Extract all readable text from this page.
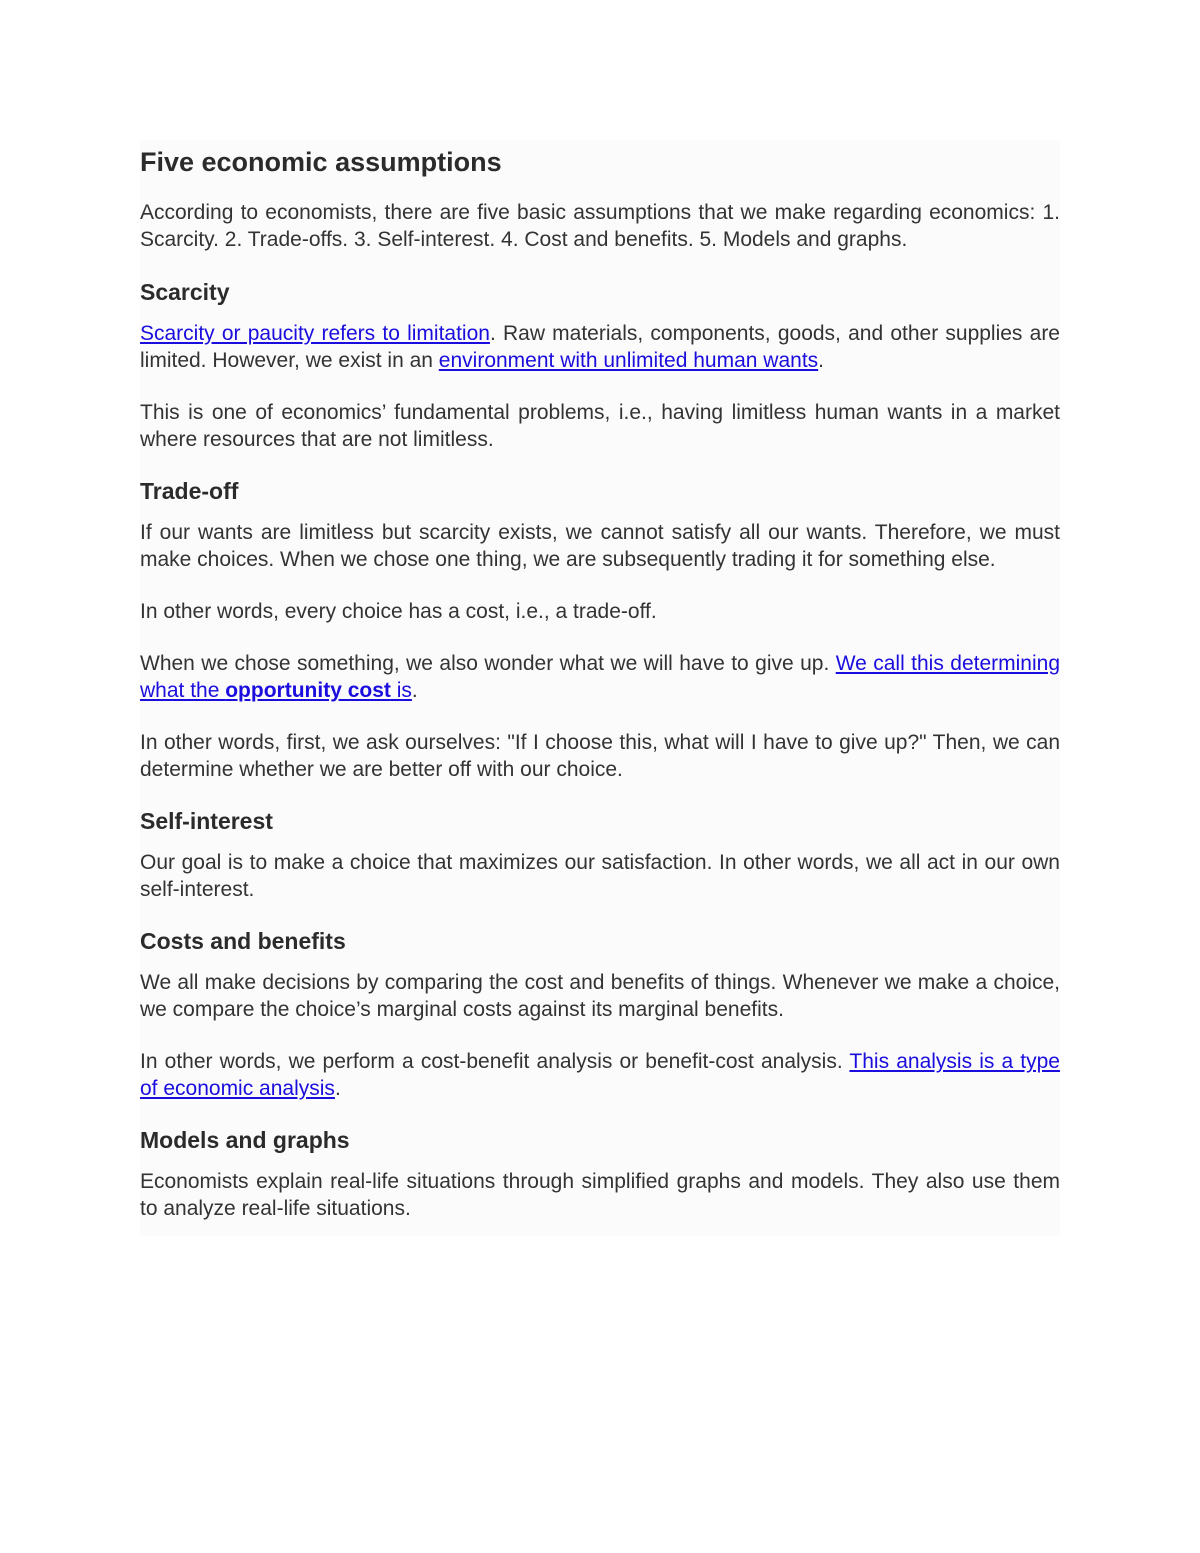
Five economic assumptions

According to economists, there are five basic assumptions that we make regarding economics: 1. Scarcity. 2. Trade-offs. 3. Self-interest. 4. Cost and benefits. 5. Models and graphs.

Scarcity

Scarcity or paucity refers to limitation. Raw materials, components, goods, and other supplies are limited. However, we exist in an environment with unlimited human wants.

This is one of economics’ fundamental problems, i.e., having limitless human wants in a market where resources that are not limitless.

Trade-off

If our wants are limitless but scarcity exists, we cannot satisfy all our wants. Therefore, we must make choices. When we chose one thing, we are subsequently trading it for something else.

In other words, every choice has a cost, i.e., a trade-off.

When we chose something, we also wonder what we will have to give up. We call this determining what the opportunity cost is.

In other words, first, we ask ourselves: "If I choose this, what will I have to give up?" Then, we can determine whether we are better off with our choice.

Self-interest

Our goal is to make a choice that maximizes our satisfaction. In other words, we all act in our own self-interest.

Costs and benefits

We all make decisions by comparing the cost and benefits of things. Whenever we make a choice, we compare the choice’s marginal costs against its marginal benefits.

In other words, we perform a cost-benefit analysis or benefit-cost analysis. This analysis is a type of economic analysis.

Models and graphs

Economists explain real-life situations through simplified graphs and models. They also use them to analyze real-life situations.
